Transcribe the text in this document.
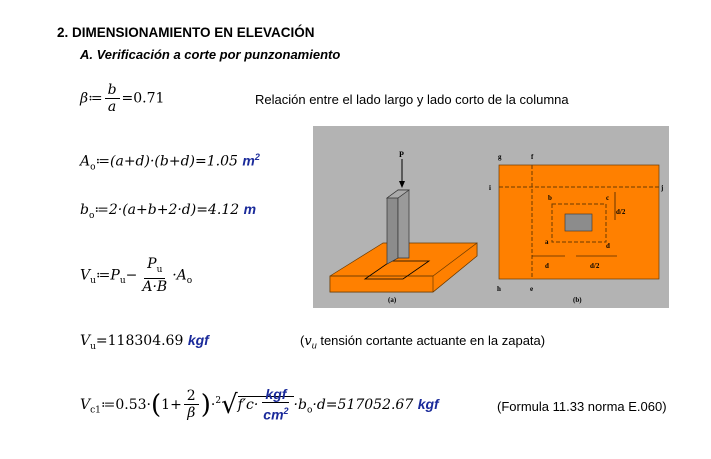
2. DIMENSIONAMIENTO EN ELEVACIÓN
A. Verificación a corte por punzonamiento
β≔ $\frac{b}{a} =0.71$	Relación entre el lado largo y lado corto de la columna
$A_o≔(a+d)\cdot(b+d)=1.05$ $m^2$
$b_o≔2\cdot(a+b+2\cdot d)=4.12$ m
$V_u≔P_u- \frac{P_u}{A\cdot B} \cdot A_o$
$V_u=118304.69$ kgf	($v_u$ tensión cortante actuante en la zapata)
$V_{c1}≔0.53\cdot(1+ \frac{2}{\beta} )\cdot^2√f'c\cdot \frac{\text{kgf}}{cm^2} \cdot b_o\cdot d=517052.67$ kgf	(Formula 11.33 norma E.060)
P
(a)
g	f
i	j
b	c
a	d
d	d/2
d/2
h	e
(b)
